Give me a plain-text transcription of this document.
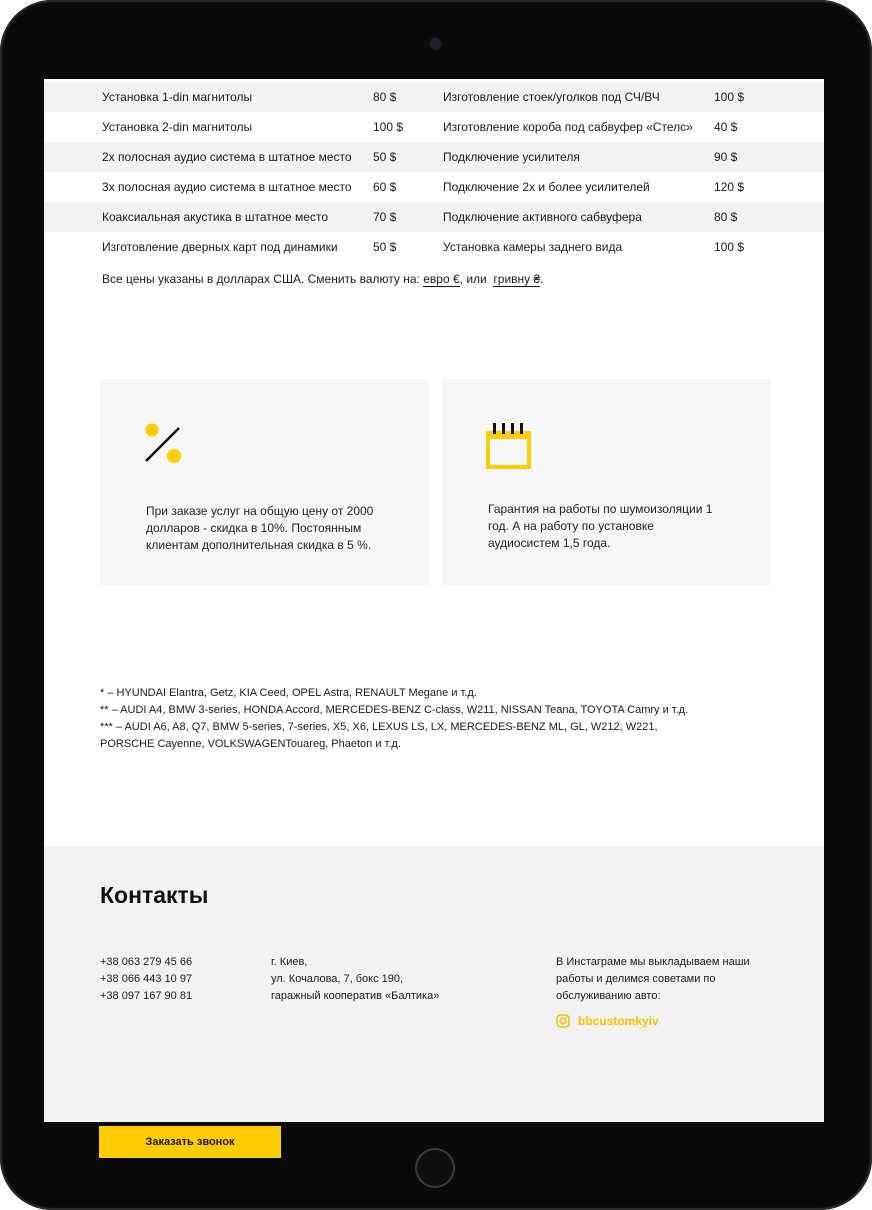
Установка 1-din магнитолы	80 $	Изготовление стоек/уголков под СЧ/ВЧ	100 $
Установка 2-din магнитолы	100 $	Изготовление короба под сабвуфер «Стелс» 40 $
2х полосная аудио система в штатное место 50 $	Подключение усилителя	90 $
3х полосная аудио система в штатное место 60 $	Подключение 2х и более усилителей	120 $
Коаксиальная акустика в штатное место	70 $	Подключение активного сабвуфера	80 $
Изготовление дверных карт под динамики	50 $	Установка камеры заднего вида	100 $
Все цены указаны в долларах США. Сменить валюту на: евро €, или гривну ₴.
При заказе услуг на общую цену от 2000 долларов - скидка в 10%. Постоянным клиентам дополнительная скидка в 5 %.
Гарантия на работы по шумоизоляции 1 год. А на работу по установке аудиосистем 1,5 года.
* – HYUNDAI Elantra, Getz, KIA Ceed, OPEL Astra, RENAULT Megane и т.д.
** – AUDI A4, BMW 3-series, HONDA Accord, MERCEDES-BENZ C-class, W211, NISSAN Teana, TOYOTA Camry и т.д.
*** – AUDI A6, A8, Q7, BMW 5-series, 7-series, X5, X6, LEXUS LS, LX, MERCEDES-BENZ ML, GL, W212, W221,
PORSCHE Cayenne, VOLKSWAGENTouareg, Phaeton и т.д.
Контакты
+38 063 279 45 66
+38 066 443 10 97
+38 097 167 90 81
г. Киев,
ул. Кочалова, 7, бокс 190,
гаражный кооператив «Балтика»
В Инстаграме мы выкладываем наши работы и делимся советами по обслуживанию авто:
bbcustomkyiv
Заказать звонок
